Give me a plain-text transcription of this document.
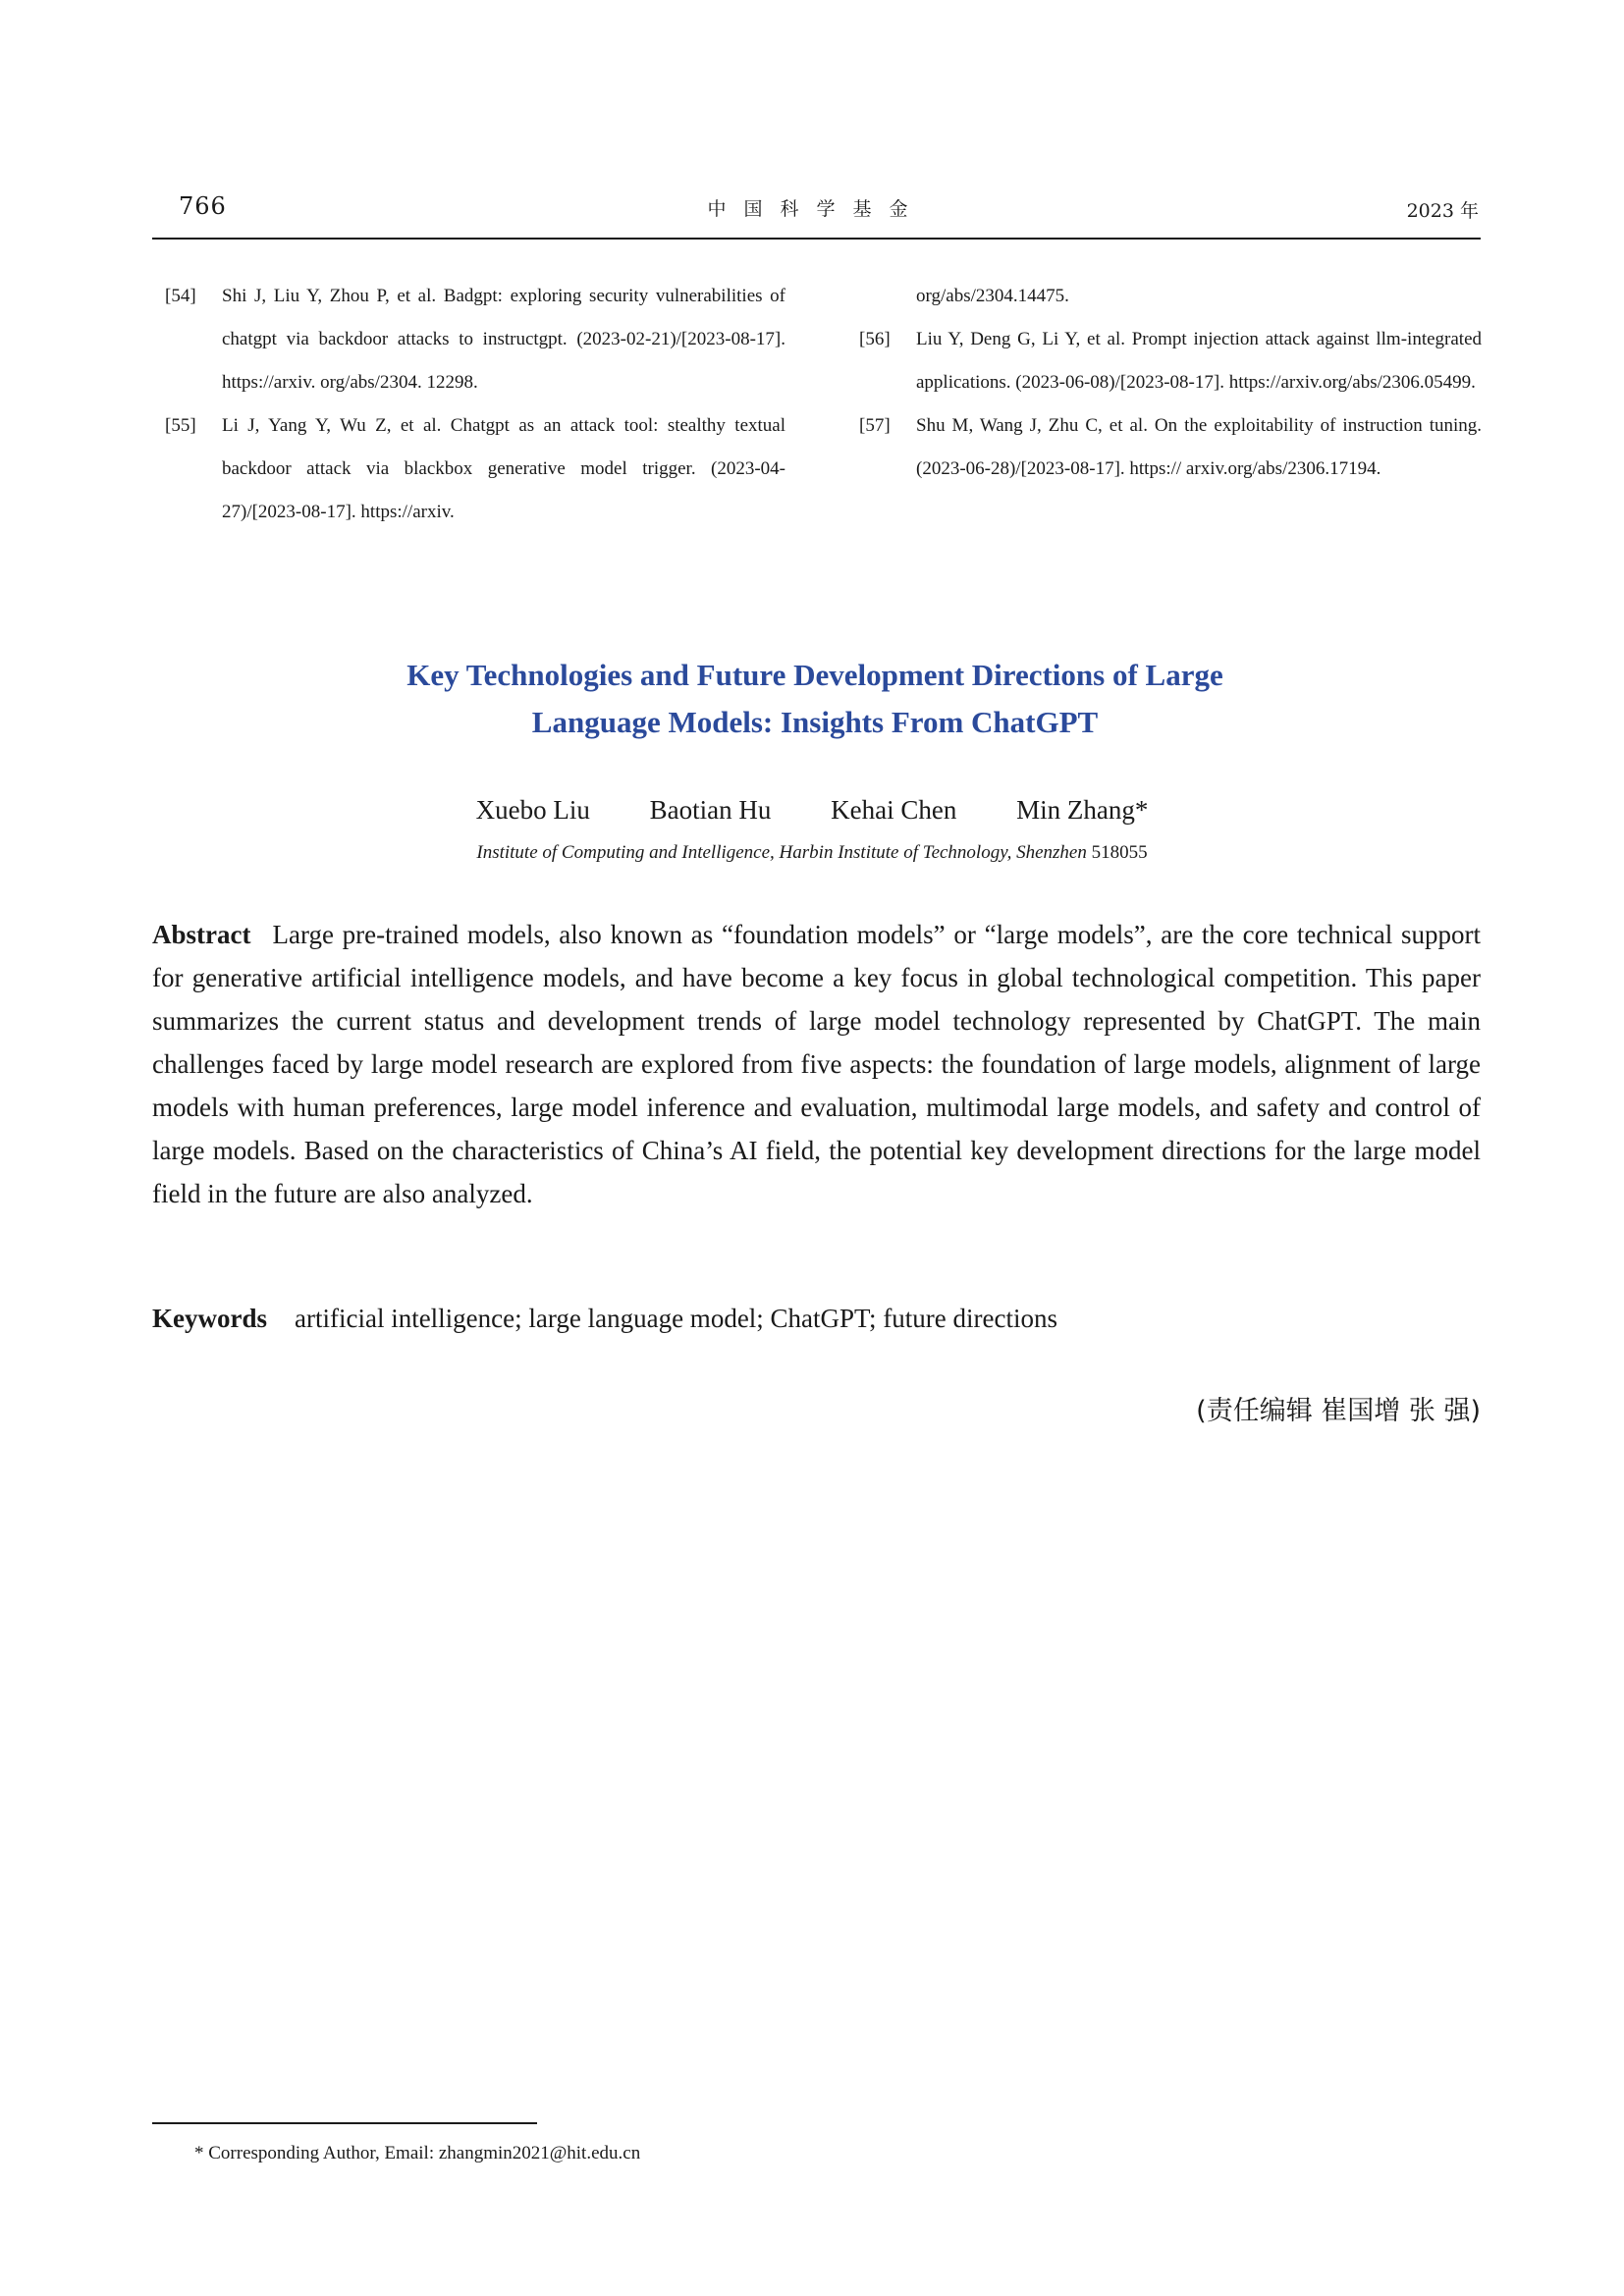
766	中国科学基金	2023 年
[54] Shi J, Liu Y, Zhou P, et al. Badgpt: exploring security vulnerabilities of chatgpt via backdoor attacks to instructgpt. (2023-02-21)/[2023-08-17]. https://arxiv. org/abs/2304. 12298.
[55] Li J, Yang Y, Wu Z, et al. Chatgpt as an attack tool: stealthy textual backdoor attack via blackbox generative model trigger. (2023-04-27)/[2023-08-17]. https://arxiv.
org/abs/2304.14475.
[56] Liu Y, Deng G, Li Y, et al. Prompt injection attack against llm-integrated applications. (2023-06-08)/[2023-08-17]. https://arxiv.org/abs/2306.05499.
[57] Shu M, Wang J, Zhu C, et al. On the exploitability of instruction tuning. (2023-06-28)/[2023-08-17]. https:// arxiv.org/abs/2306.17194.
Key Technologies and Future Development Directions of Large
Language Models: Insights From ChatGPT
Xuebo Liu Baotian Hu Kehai Chen Min Zhang*
Institute of Computing and Intelligence, Harbin Institute of Technology, Shenzhen 518055
Abstract Large pre-trained models, also known as “foundation models” or “large models”, are the core technical support for generative artificial intelligence models, and have become a key focus in global technological competition. This paper summarizes the current status and development trends of large model technology represented by ChatGPT. The main challenges faced by large model research are explored from five aspects: the foundation of large models, alignment of large models with human preferences, large model inference and evaluation, multimodal large models, and safety and control of large models. Based on the characteristics of China’s AI field, the potential key development directions for the large model field in the future are also analyzed.
Keywords artificial intelligence; large language model; ChatGPT; future directions
(责任编辑 崔国增 张 强)
* Corresponding Author, Email: zhangmin2021@hit.edu.cn
